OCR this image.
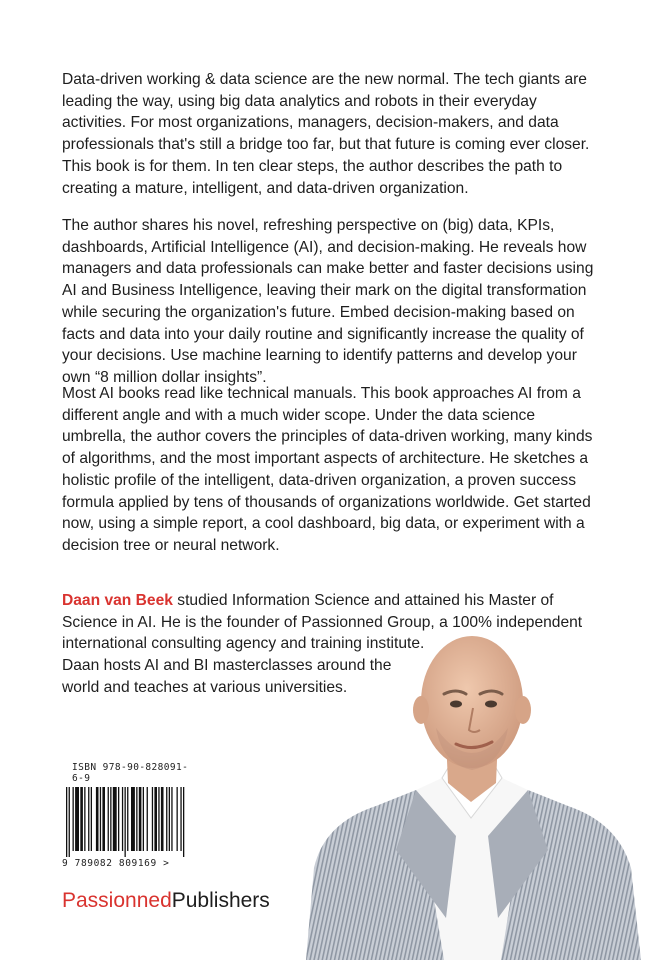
Data-driven working & data science are the new normal. The tech giants are leading the way, using big data analytics and robots in their everyday activities. For most organizations, managers, decision-makers, and data professionals that's still a bridge too far, but that future is coming ever closer. This book is for them. In ten clear steps, the author describes the path to creating a mature, intelligent, and data-driven organization.

The author shares his novel, refreshing perspective on (big) data, KPIs, dashboards, Artificial Intelligence (AI), and decision-making. He reveals how managers and data professionals can make better and faster decisions using AI and Business Intelligence, leaving their mark on the digital transformation while securing the organization's future. Embed decision-making based on facts and data into your daily routine and significantly increase the quality of your decisions. Use machine learning to identify patterns and develop your own “8 million dollar insights”.

Most AI books read like technical manuals. This book approaches AI from a different angle and with a much wider scope. Under the data science umbrella, the author covers the principles of data-driven working, many kinds of algorithms, and the most important aspects of architecture. He sketches a holistic profile of the intelligent, data-driven organization, a proven success formula applied by tens of thousands of organizations worldwide. Get started now, using a simple report, a cool dashboard, big data, or experiment with a decision tree or neural network.

Daan van Beek studied Information Science and attained his Master of Science in AI. He is the founder of Passionned Group, a 100% independent international consulting agency and training institute.
Daan hosts AI and BI masterclasses around the world and teaches at various universities.

ISBN 978-90-828091-6-9
9 789082 809169 >
PassionnedPublishers
